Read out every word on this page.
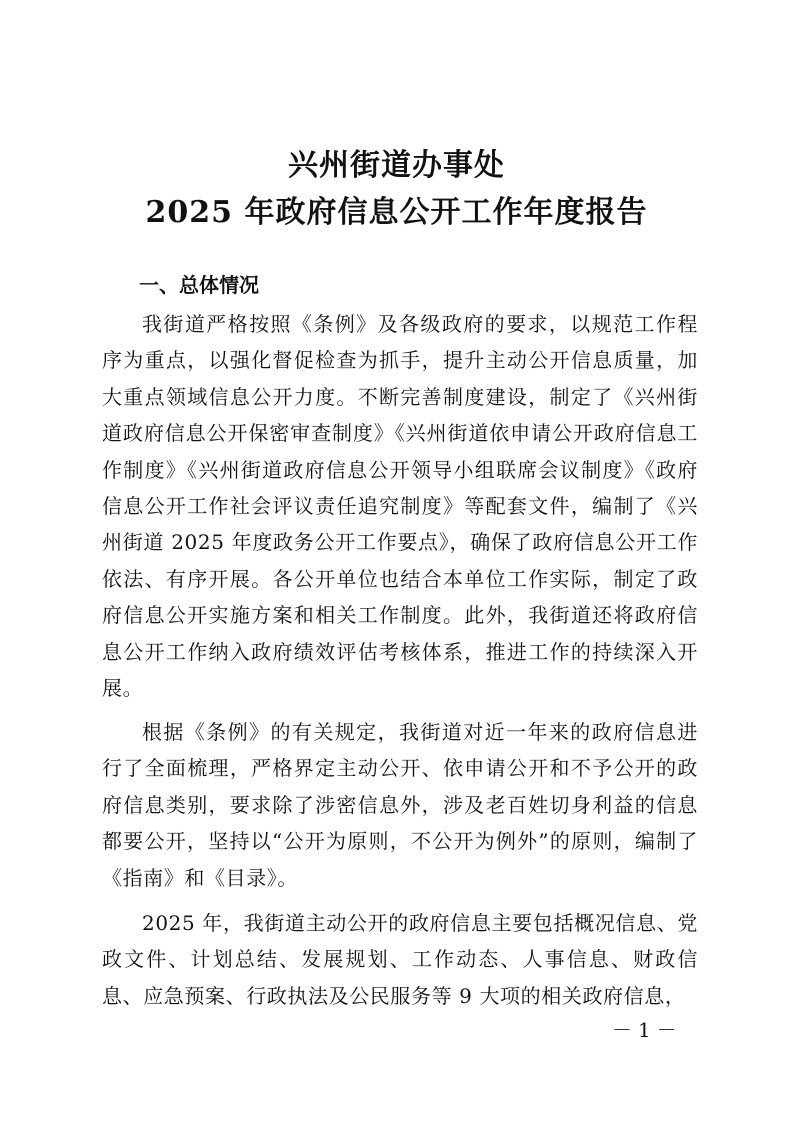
兴州街道办事处
2025 年政府信息公开工作年度报告
一、总体情况

我街道严格按照《条例》及各级政府的要求，以规范工作程序为重点，以强化督促检查为抓手，提升主动公开信息质量，加大重点领域信息公开力度。不断完善制度建设，制定了《兴州街道政府信息公开保密审查制度》《兴州街道依申请公开政府信息工作制度》《兴州街道政府信息公开领导小组联席会议制度》《政府信息公开工作社会评议责任追究制度》等配套文件，编制了《兴州街道 2025 年度政务公开工作要点》，确保了政府信息公开工作依法、有序开展。各公开单位也结合本单位工作实际，制定了政府信息公开实施方案和相关工作制度。此外，我街道还将政府信息公开工作纳入政府绩效评估考核体系，推进工作的持续深入开展。

根据《条例》的有关规定，我街道对近一年来的政府信息进行了全面梳理，严格界定主动公开、依申请公开和不予公开的政府信息类别，要求除了涉密信息外，涉及老百姓切身利益的信息都要公开，坚持以“公开为原则，不公开为例外”的原则，编制了《指南》和《目录》。

2025 年，我街道主动公开的政府信息主要包括概况信息、党政文件、计划总结、发展规划、工作动态、人事信息、财政信息、应急预案、行政执法及公民服务等 9 大项的相关政府信息，

－1－
